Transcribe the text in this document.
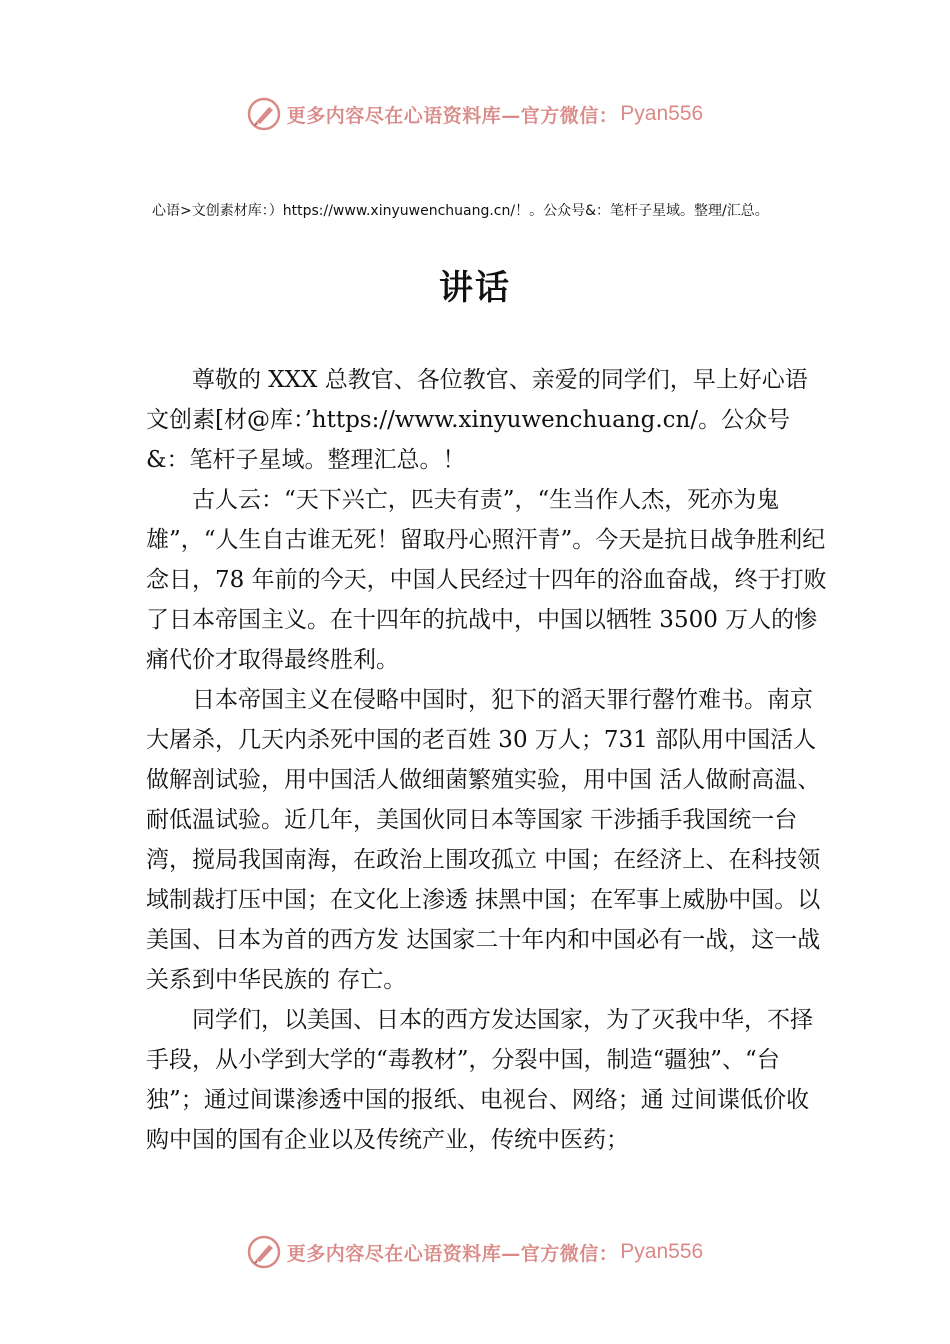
更多内容尽在心语资料库—官方微信： Pyan556
心语>文创素材库：）https://www.xinyuwenchuang.cn/！。公众号&：笔杆子星域。整理/汇总。
讲话

尊敬的 XXX 总教官、各位教官、亲爱的同学们，早上好心语文创素[材@库：’https://www.xinyuwenchuang.cn/。公众号&：笔杆子星域。整理汇总。！

古人云：“天下兴亡，匹夫有责”，“生当作人杰，死亦为鬼雄”，“人生自古谁无死！留取丹心照汗青”。今天是抗日战争胜利纪念日，78 年前的今天，中国人民经过十四年的浴血奋战，终于打败了日本帝国主义。在十四年的抗战中，中国以牺牲 3500 万人的惨痛代价才取得最终胜利。

日本帝国主义在侵略中国时，犯下的滔天罪行罄竹难书。南京大屠杀，几天内杀死中国的老百姓 30 万人；731 部队用中国活人做解剖试验，用中国活人做细菌繁殖实验，用中国 活人做耐高温、耐低温试验。近几年，美国伙同日本等国家 干涉插手我国统一台湾，搅局我国南海，在政治上围攻孤立 中国；在经济上、在科技领域制裁打压中国；在文化上渗透 抹黑中国；在军事上威胁中国。以美国、日本为首的西方发 达国家二十年内和中国必有一战，这一战关系到中华民族的 存亡。

同学们，以美国、日本的西方发达国家，为了灭我中华，不择手段，从小学到大学的“毒教材”，分裂中国，制造“疆独”、“台独”；通过间谍渗透中国的报纸、电视台、网络；通 过间谍低价收购中国的国有企业以及传统产业，传统中医药；

更多内容尽在心语资料库—官方微信： Pyan556
